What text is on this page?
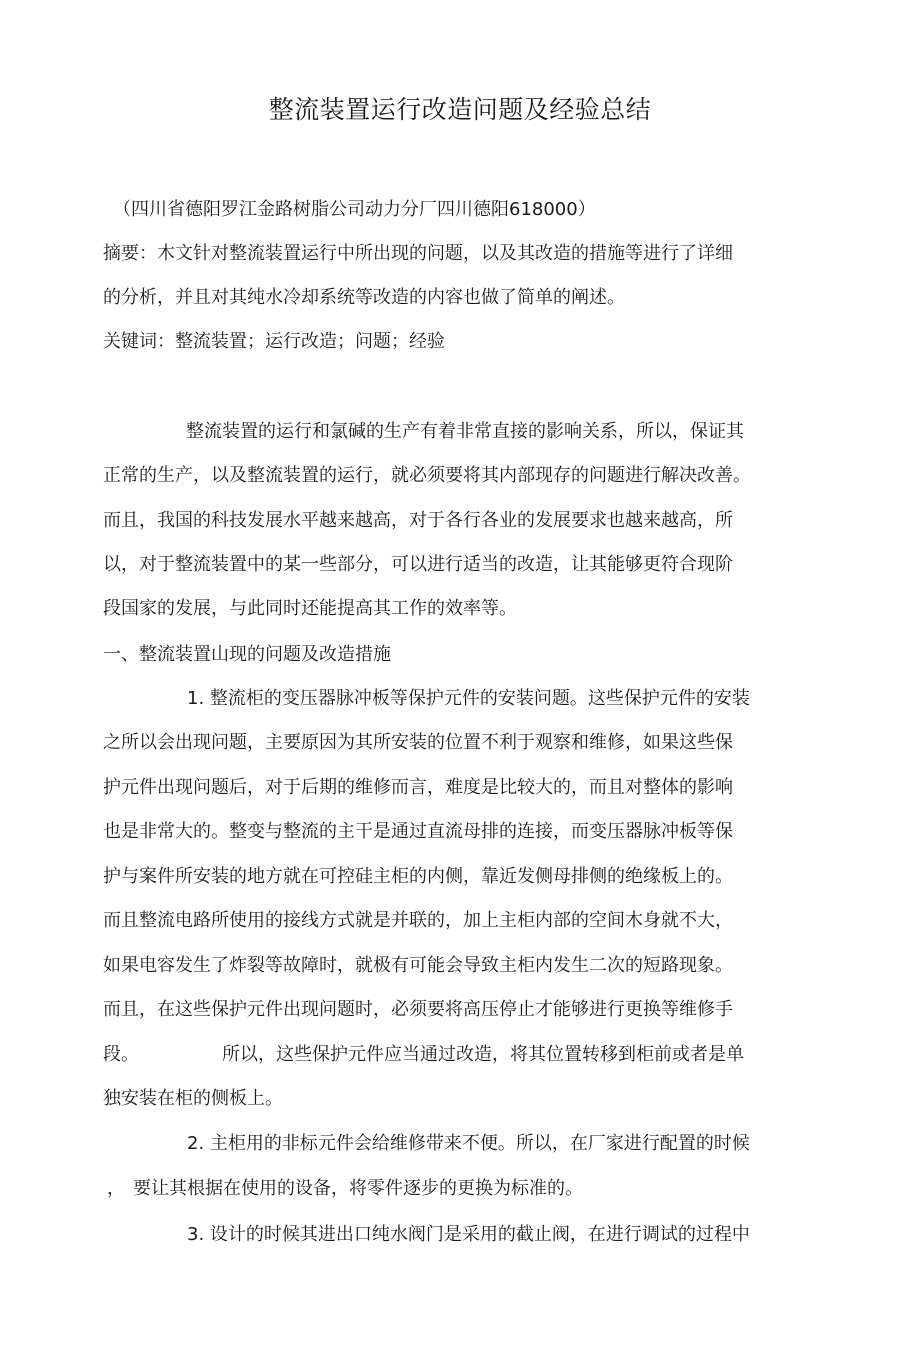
整流装置运行改造问题及经验总结

（四川省德阳罗江金路树脂公司动力分厂四川德阳618000）

摘要：木文针对整流装置运行中所出现的问题，以及其改造的措施等进行了详细

的分析，并且对其纯水冷却系统等改造的内容也做了简单的阐述。

关键词：整流装置；运行改造；问题；经验

整流装置的运行和氯碱的生产有着非常直接的影响关系，所以，保证其

正常的生产，以及整流装置的运行，就必须要将其内部现存的问题进行解决改善。

而且，我国的科技发展水平越来越高，对于各行各业的发展要求也越来越高，所

以，对于整流装置中的某一些部分，可以进行适当的改造，让其能够更符合现阶

段国家的发展，与此同时还能提高其工作的效率等。

一、整流装置山现的问题及改造措施

1. 整流柜的变压器脉冲板等保护元件的安装问题。这些保护元件的安装

之所以会出现问题，主要原因为其所安装的位置不利于观察和维修，如果这些保

护元件出现问题后，对于后期的维修而言，难度是比较大的，而且对整体的影响

也是非常大的。整变与整流的主干是通过直流母排的连接，而变压器脉冲板等保

护与案件所安装的地方就在可控硅主柜的内侧，靠近发侧母排侧的绝缘板上的。

而且整流电路所使用的接线方式就是并联的，加上主柜内部的空间木身就不大，

如果电容发生了炸裂等故障时，就极有可能会导致主柜内发生二次的短路现象。

而且，在这些保护元件出现问题时，必须要将高压停止才能够进行更换等维修手

段。	所以，这些保护元件应当通过改造，将其位置转移到柜前或者是单

独安装在柜的侧板上。

2. 主柜用的非标元件会给维修带来不便。所以，在厂家进行配置的时候

， 要让其根据在使用的设备，将零件逐步的更换为标准的。

3. 设计的时候其进出口纯水阀门是采用的截止阀，在进行调试的过程中
